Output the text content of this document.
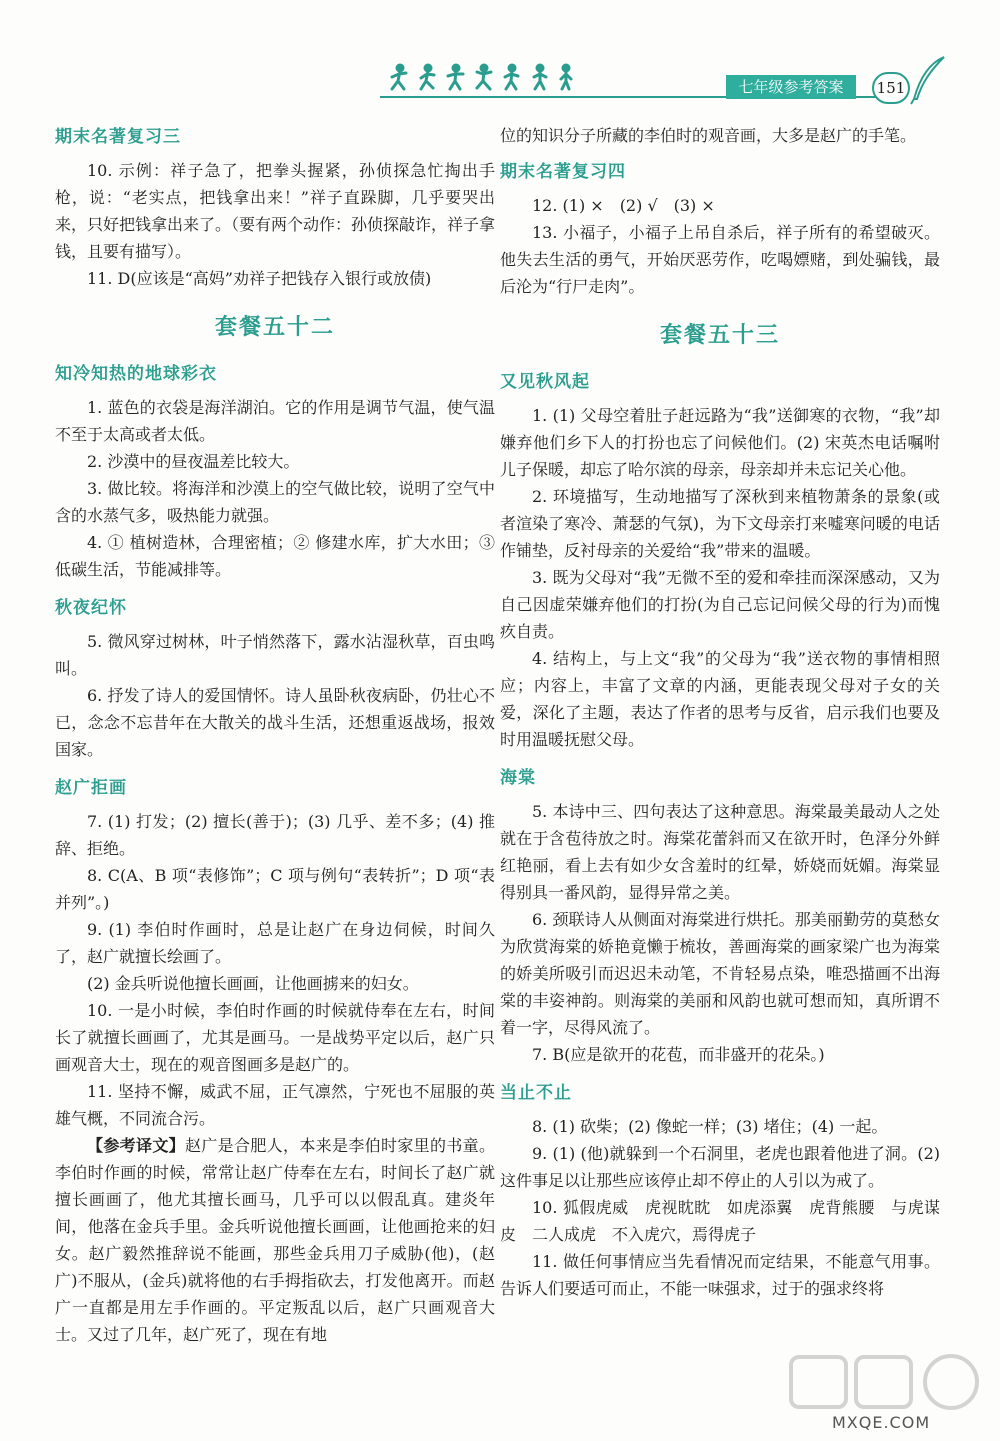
七年级参考答案	151
期末名著复习三

10. 示例：祥子急了，把拳头握紧，孙侦探急忙掏出手枪，说：“老实点，把钱拿出来！”祥子直跺脚，几乎要哭出来，只好把钱拿出来了。（要有两个动作：孙侦探敲诈，祥子拿钱，且要有描写）。

11. D(应该是“高妈”劝祥子把钱存入银行或放债)

套餐五十二
知冷知热的地球彩衣

1. 蓝色的衣袋是海洋湖泊。它的作用是调节气温，使气温不至于太高或者太低。

2. 沙漠中的昼夜温差比较大。

3. 做比较。将海洋和沙漠上的空气做比较，说明了空气中含的水蒸气多，吸热能力就强。

4. ① 植树造林，合理密植；② 修建水库，扩大水田；③ 低碳生活，节能减排等。

秋夜纪怀

5. 微风穿过树林，叶子悄然落下，露水沾湿秋草，百虫鸣叫。

6. 抒发了诗人的爱国情怀。诗人虽卧秋夜病卧，仍壮心不已，念念不忘昔年在大散关的战斗生活，还想重返战场，报效国家。

赵广拒画

7. (1) 打发；(2) 擅长(善于)；(3) 几乎、差不多；(4) 推辞、拒绝。

8. C(A、B 项“表修饰”；C 项与例句“表转折”；D 项“表并列”。)

9. (1) 李伯时作画时，总是让赵广在身边伺候，时间久了，赵广就擅长绘画了。

(2) 金兵听说他擅长画画，让他画掳来的妇女。

10. 一是小时候，李伯时作画的时候就侍奉在左右，时间长了就擅长画画了，尤其是画马。一是战势平定以后，赵广只画观音大士，现在的观音图画多是赵广的。

11. 坚持不懈，威武不屈，正气凛然，宁死也不屈服的英雄气概，不同流合污。

【参考译文】赵广是合肥人，本来是李伯时家里的书童。李伯时作画的时候，常常让赵广侍奉在左右，时间长了赵广就擅长画画了，他尤其擅长画马，几乎可以以假乱真。建炎年间，他落在金兵手里。金兵听说他擅长画画，让他画抢来的妇女。赵广毅然推辞说不能画，那些金兵用刀子威胁(他)，(赵广)不服从，(金兵)就将他的右手拇指砍去，打发他离开。而赵广一直都是用左手作画的。平定叛乱以后，赵广只画观音大士。又过了几年，赵广死了，现在有地

位的知识分子所藏的李伯时的观音画，大多是赵广的手笔。

期末名著复习四

12. (1) ×　(2) √　(3) ×

13. 小福子，小福子上吊自杀后，祥子所有的希望破灭。他失去生活的勇气，开始厌恶劳作，吃喝嫖赌，到处骗钱，最后沦为“行尸走肉”。

套餐五十三
又见秋风起

1. (1) 父母空着肚子赶远路为“我”送御寒的衣物，“我”却嫌弃他们乡下人的打扮也忘了问候他们。(2) 宋英杰电话嘱咐儿子保暖，却忘了哈尔滨的母亲，母亲却并未忘记关心他。

2. 环境描写，生动地描写了深秋到来植物萧条的景象(或者渲染了寒冷、萧瑟的气氛)，为下文母亲打来嘘寒问暖的电话作铺垫，反衬母亲的关爱给“我”带来的温暖。

3. 既为父母对“我”无微不至的爱和牵挂而深深感动，又为自己因虚荣嫌弃他们的打扮(为自己忘记问候父母的行为)而愧疚自责。

4. 结构上，与上文“我”的父母为“我”送衣物的事情相照应；内容上，丰富了文章的内涵，更能表现父母对子女的关爱，深化了主题，表达了作者的思考与反省，启示我们也要及时用温暖抚慰父母。

海棠

5. 本诗中三、四句表达了这种意思。海棠最美最动人之处就在于含苞待放之时。海棠花蕾斜而又在欲开时，色泽分外鲜红艳丽，看上去有如少女含羞时的红晕，娇娆而妩媚。海棠显得别具一番风韵，显得异常之美。

6. 颈联诗人从侧面对海棠进行烘托。那美丽勤劳的莫愁女为欣赏海棠的娇艳竟懒于梳妆，善画海棠的画家梁广也为海棠的娇美所吸引而迟迟未动笔，不肯轻易点染，唯恐描画不出海棠的丰姿神韵。则海棠的美丽和风韵也就可想而知，真所谓不着一字，尽得风流了。

7. B(应是欲开的花苞，而非盛开的花朵。)

当止不止

8. (1) 砍柴；(2) 像蛇一样；(3) 堵住；(4) 一起。

9. (1) (他)就躲到一个石洞里，老虎也跟着他进了洞。(2) 这件事足以让那些应该停止却不停止的人引以为戒了。

10. 狐假虎威　虎视眈眈　如虎添翼　虎背熊腰　与虎谋皮　二人成虎　不入虎穴，焉得虎子

11. 做任何事情应当先看情况而定结果，不能意气用事。告诉人们要适可而止，不能一味强求，过于的强求终将

MXQE.COM
